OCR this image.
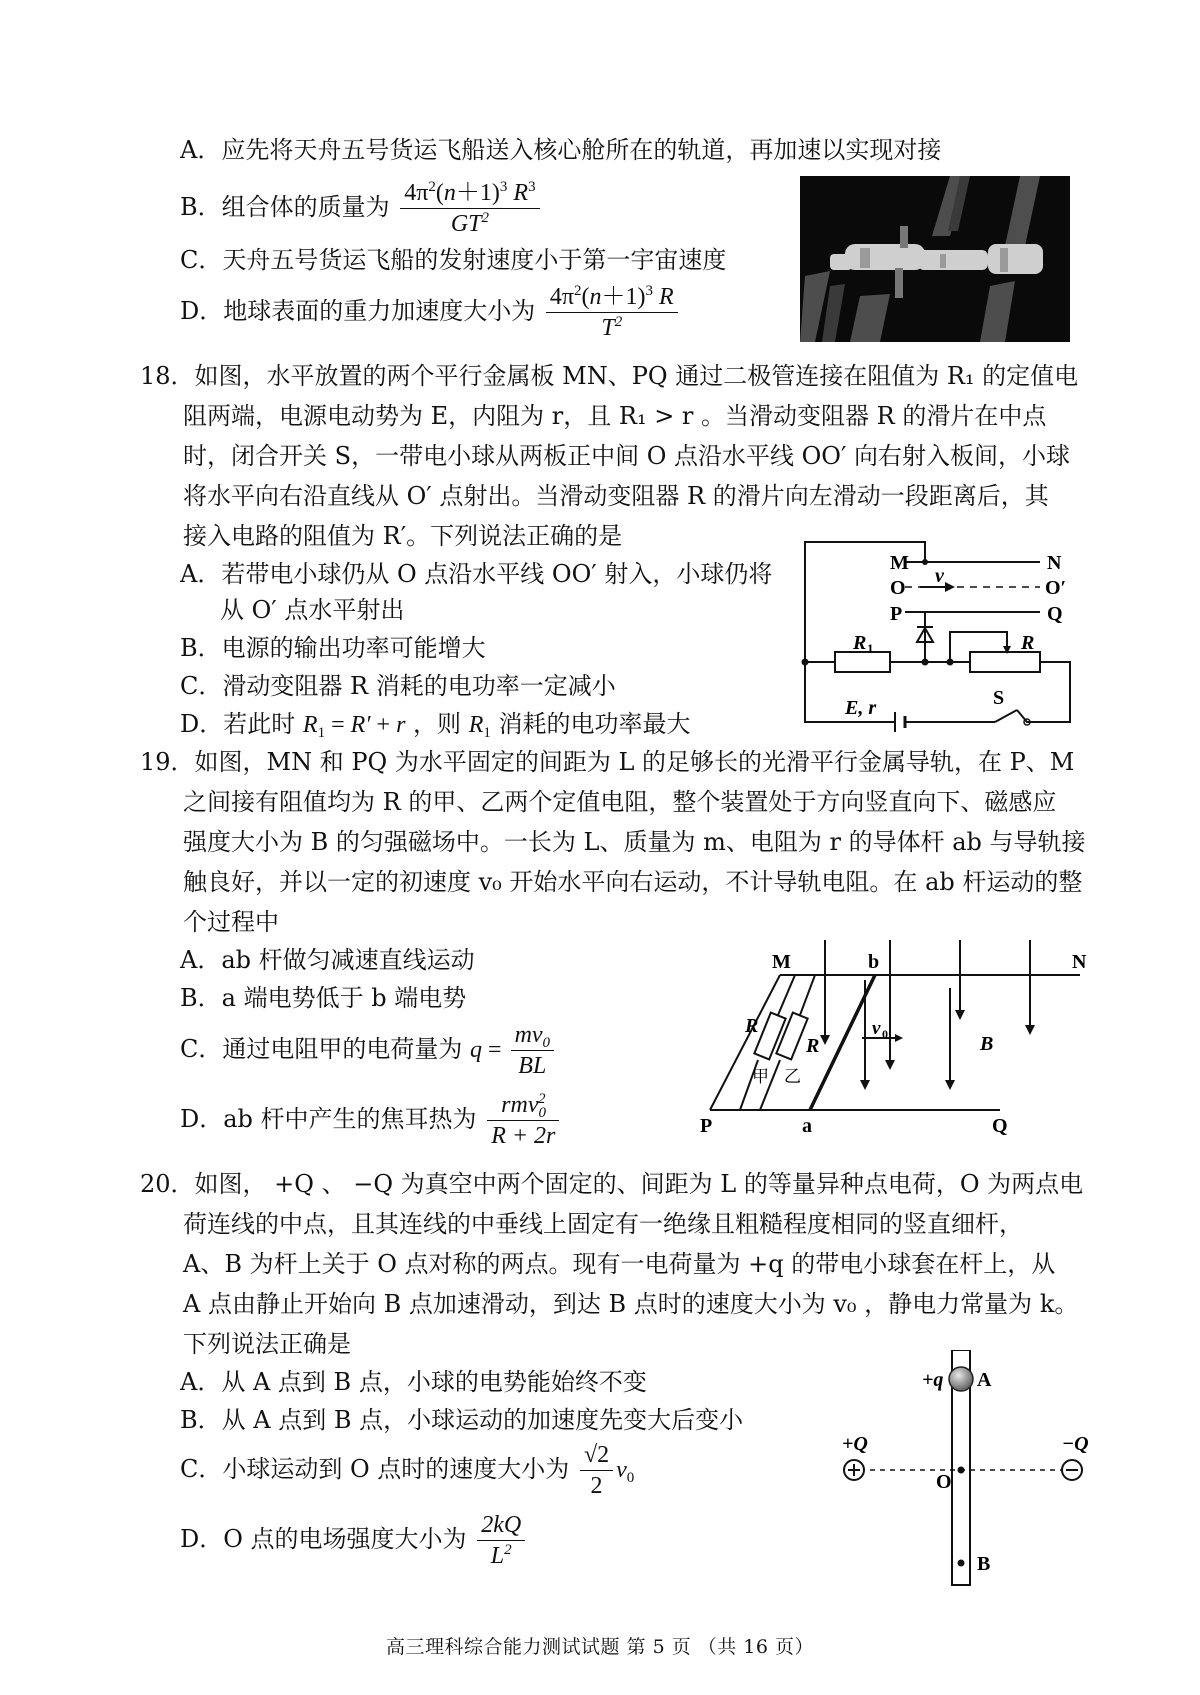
A．应先将天舟五号货运飞船送入核心舱所在的轨道，再加速以实现对接
B．组合体的质量为 $\frac{4\pi^2(n+1)^3 R^3}{GT^2}$
C．天舟五号货运飞船的发射速度小于第一宇宙速度
D．地球表面的重力加速度大小为 $\frac{4\pi^2(n+1)^3 R}{T^2}$
18．如图，水平放置的两个平行金属板 MN、PQ 通过二极管连接在阻值为 R₁ 的定值电
阻两端，电源电动势为 E，内阻为 r，且 R₁ > r 。当滑动变阻器 R 的滑片在中点
时，闭合开关 S，一带电小球从两板正中间 O 点沿水平线 OO′ 向右射入板间，小球
将水平向右沿直线从 O′ 点射出。当滑动变阻器 R 的滑片向左滑动一段距离后，其
接入电路的阻值为 R′。下列说法正确的是
A．若带电小球仍从 O 点沿水平线 OO′ 射入，小球仍将
从 O′ 点水平射出
B．电源的输出功率可能增大
C．滑动变阻器 R 消耗的电功率一定减小
D．若此时 $R_1 = R' + r$ ，则 $R_1$ 消耗的电功率最大
M	N
O	O′
P	Q
v
R 1	R
S
E, r
19．如图，MN 和 PQ 为水平固定的间距为 L 的足够长的光滑平行金属导轨，在 P、M
之间接有阻值均为 R 的甲、乙两个定值电阻，整个装置处于方向竖直向下、磁感应
强度大小为 B 的匀强磁场中。一长为 L、质量为 m、电阻为 r 的导体杆 ab 与导轨接
触良好，并以一定的初速度 v₀ 开始水平向右运动，不计导轨电阻。在 ab 杆运动的整
个过程中
A．ab 杆做匀减速直线运动
B．a 端电势低于 b 端电势
C．通过电阻甲的电荷量为 $q = \frac{mv_0}{BL}$
D．ab 杆中产生的焦耳热为 $\frac{rmv_0^2}{R + 2r}$
M	b	N
P	a	Q
R
R
甲 乙
v 0	B
20．如图， +Q 、 −Q 为真空中两个固定的、间距为 L 的等量异种点电荷，O 为两点电
荷连线的中点，且其连线的中垂线上固定有一绝缘且粗糙程度相同的竖直细杆，
A、B 为杆上关于 O 点对称的两点。现有一电荷量为 +q 的带电小球套在杆上，从
A 点由静止开始向 B 点加速滑动，到达 B 点时的速度大小为 v₀ ，静电力常量为 k。
下列说法正确是
A．从 A 点到 B 点，小球的电势能始终不变
B．从 A 点到 B 点，小球运动的加速度先变大后变小
C．小球运动到 O 点时的速度大小为 $\frac{√2}{2} v_0$
D．O 点的电场强度大小为 $\frac{2kQ}{L^2}$
+q A
+Q	−Q
O
B
高三理科综合能力测试试题 第 5 页 （共 16 页）
